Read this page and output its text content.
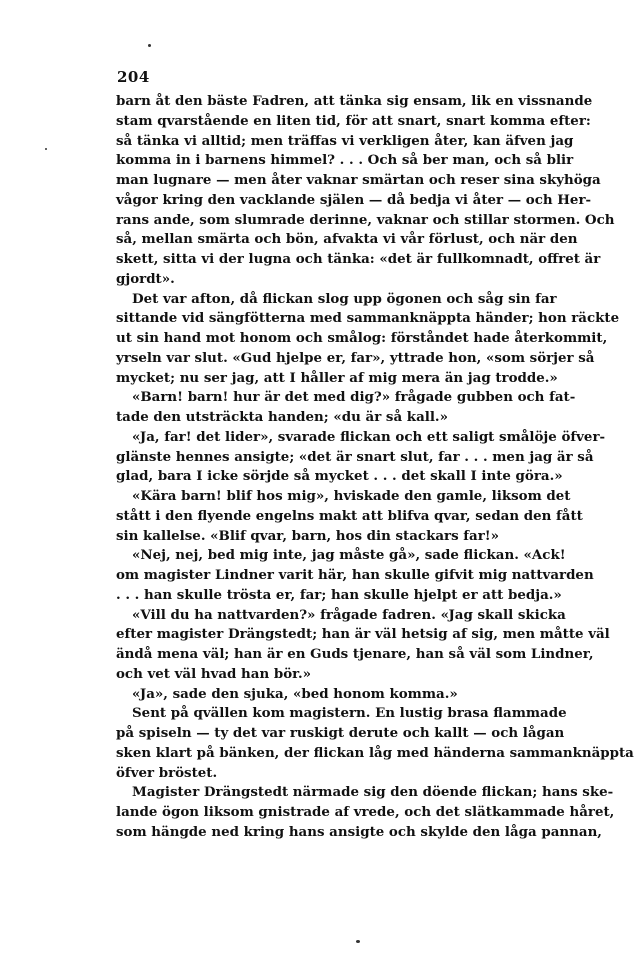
204
barn åt den bäste Fadren, att tänka sig ensam, lik en vissnande
stam qvarstående en liten tid, för att snart, snart komma efter:
så tänka vi alltid; men träffas vi verkligen åter, kan äfven jag
komma in i barnens himmel? . . . Och så ber man, och så blir
man lugnare — men åter vaknar smärtan och reser sina skyhöga
vågor kring den vacklande själen — då bedja vi åter — och Her-
rans ande, som slumrade derinne, vaknar och stillar stormen. Och
så, mellan smärta och bön, afvakta vi vår förlust, och när den
skett, sitta vi der lugna och tänka: «det är fullkomnadt, offret är
gjordt».
Det var afton, då flickan slog upp ögonen och såg sin far
sittande vid sängfötterna med sammanknäppta händer; hon räckte
ut sin hand mot honom och smålog: förståndet hade återkommit,
yrseln var slut. «Gud hjelpe er, far», yttrade hon, «som sörjer så
mycket; nu ser jag, att I håller af mig mera än jag trodde.»
«Barn! barn! hur är det med dig?» frågade gubben och fat-
tade den utsträckta handen; «du är så kall.»
«Ja, far! det lider», svarade flickan och ett saligt smålöje öfver-
glänste hennes ansigte; «det är snart slut, far . . . men jag är så
glad, bara I icke sörjde så mycket . . . det skall I inte göra.»
«Kära barn! blif hos mig», hviskade den gamle, liksom det
stått i den flyende engelns makt att blifva qvar, sedan den fått
sin kallelse. «Blif qvar, barn, hos din stackars far!»
«Nej, nej, bed mig inte, jag måste gå», sade flickan. «Ack!
om magister Lindner varit här, han skulle gifvit mig nattvarden
. . . han skulle trösta er, far; han skulle hjelpt er att bedja.»
«Vill du ha nattvarden?» frågade fadren. «Jag skall skicka
efter magister Drängstedt; han är väl hetsig af sig, men måtte väl
ändå mena väl; han är en Guds tjenare, han så väl som Lindner,
och vet väl hvad han bör.»
«Ja», sade den sjuka, «bed honom komma.»
Sent på qvällen kom magistern. En lustig brasa flammade
på spiseln — ty det var ruskigt derute och kallt — och lågan
sken klart på bänken, der flickan låg med händerna sammanknäppta
öfver bröstet.
Magister Drängstedt närmade sig den döende flickan; hans ske-
lande ögon liksom gnistrade af vrede, och det slätkammade håret,
som hängde ned kring hans ansigte och skylde den låga pannan,
